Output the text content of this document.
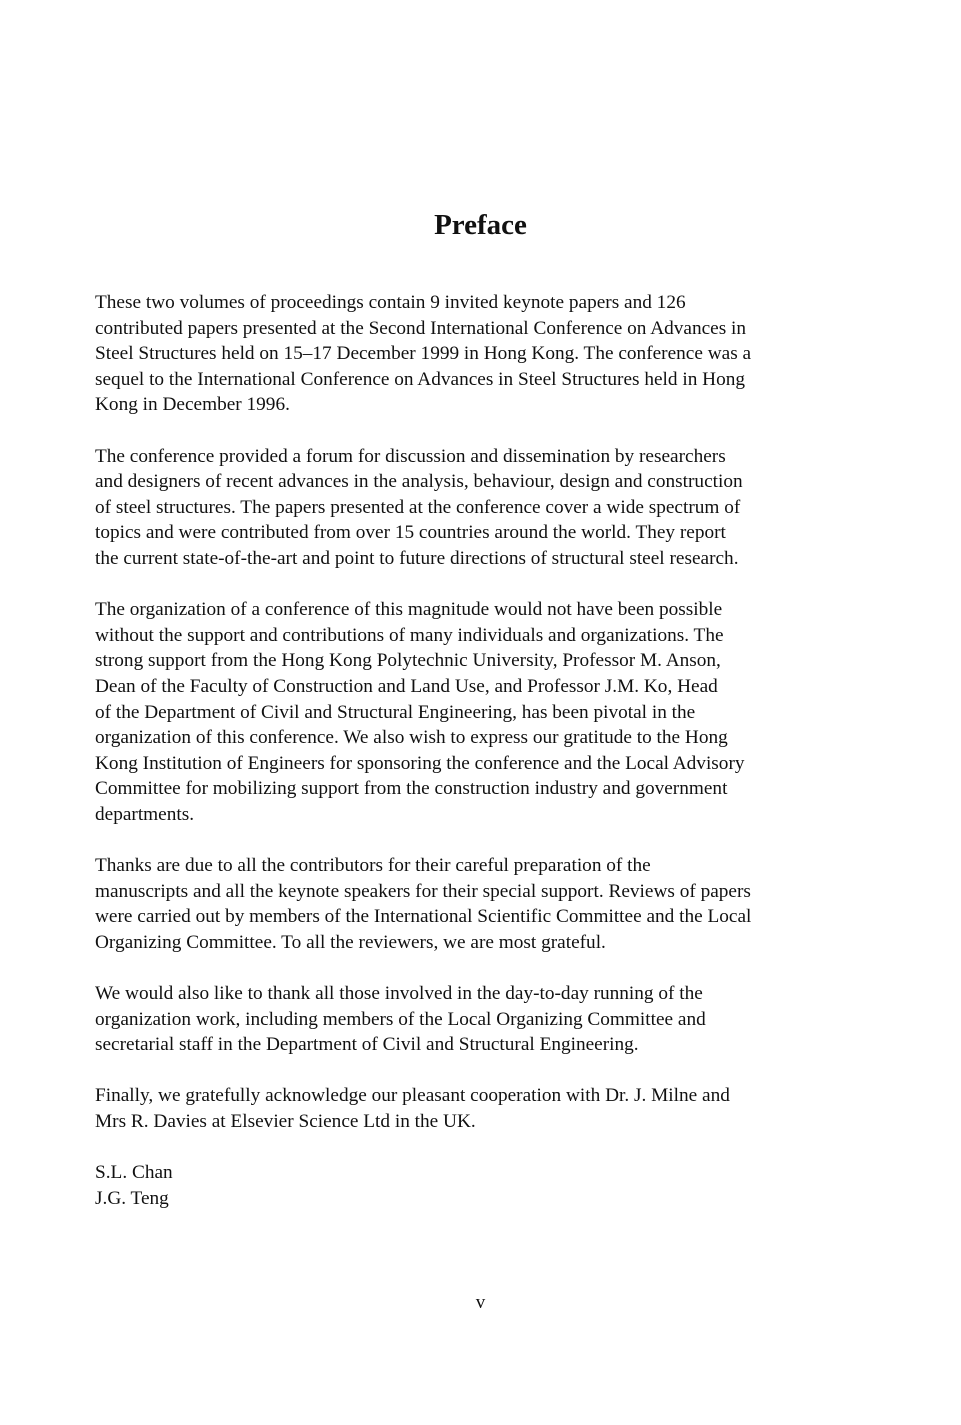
Preface

These two volumes of proceedings contain 9 invited keynote papers and 126
contributed papers presented at the Second International Conference on Advances in
Steel Structures held on 15–17 December 1999 in Hong Kong. The conference was a
sequel to the International Conference on Advances in Steel Structures held in Hong
Kong in December 1996.

The conference provided a forum for discussion and dissemination by researchers
and designers of recent advances in the analysis, behaviour, design and construction
of steel structures. The papers presented at the conference cover a wide spectrum of
topics and were contributed from over 15 countries around the world. They report
the current state-of-the-art and point to future directions of structural steel research.

The organization of a conference of this magnitude would not have been possible
without the support and contributions of many individuals and organizations. The
strong support from the Hong Kong Polytechnic University, Professor M. Anson,
Dean of the Faculty of Construction and Land Use, and Professor J.M. Ko, Head
of the Department of Civil and Structural Engineering, has been pivotal in the
organization of this conference. We also wish to express our gratitude to the Hong
Kong Institution of Engineers for sponsoring the conference and the Local Advisory
Committee for mobilizing support from the construction industry and government
departments.

Thanks are due to all the contributors for their careful preparation of the
manuscripts and all the keynote speakers for their special support. Reviews of papers
were carried out by members of the International Scientific Committee and the Local
Organizing Committee. To all the reviewers, we are most grateful.

We would also like to thank all those involved in the day-to-day running of the
organization work, including members of the Local Organizing Committee and
secretarial staff in the Department of Civil and Structural Engineering.

Finally, we gratefully acknowledge our pleasant cooperation with Dr. J. Milne and
Mrs R. Davies at Elsevier Science Ltd in the UK.

S.L. Chan
J.G. Teng

v
